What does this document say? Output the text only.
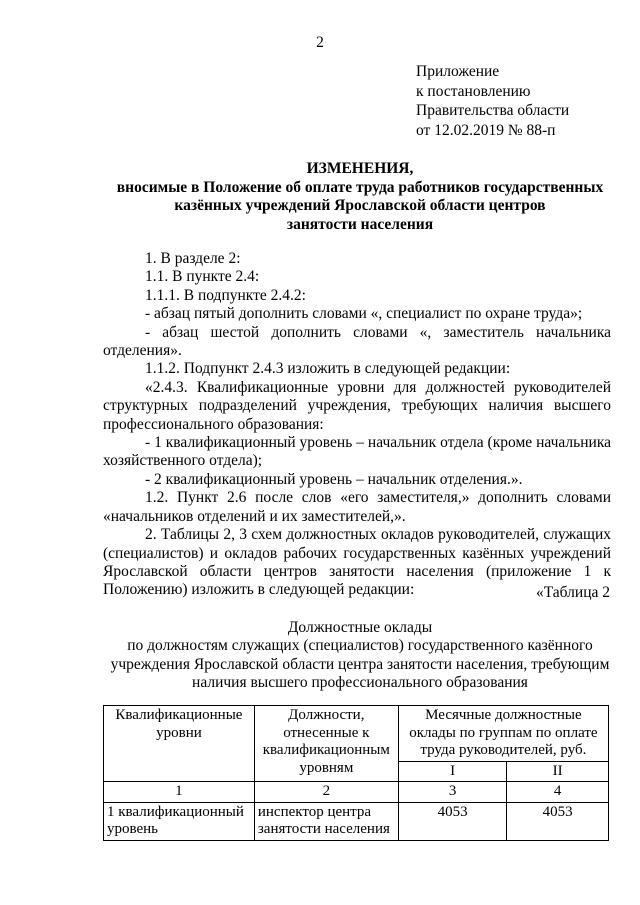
2
Приложение
к постановлению
Правительства области
от 12.02.2019 № 88-п
ИЗМЕНЕНИЯ,
вносимые в Положение об оплате труда работников государственных
казённых учреждений Ярославской области центров
занятости населения

1. В разделе 2:

1.1. В пункте 2.4:

1.1.1. В подпункте 2.4.2:

- абзац пятый дополнить словами «, специалист по охране труда»;

- абзац шестой дополнить словами «, заместитель начальника отделения».

1.1.2. Подпункт 2.4.3 изложить в следующей редакции:

«2.4.3. Квалификационные уровни для должностей руководителей структурных подразделений учреждения, требующих наличия высшего профессионального образования:

- 1 квалификационный уровень – начальник отдела (кроме начальника хозяйственного отдела);

- 2 квалификационный уровень – начальник отделения.».

1.2. Пункт 2.6 после слов «его заместителя,» дополнить словами «начальников отделений и их заместителей,».

2. Таблицы 2, 3 схем должностных окладов руководителей, служащих (специалистов) и окладов рабочих государственных казённых учреждений Ярославской области центров занятости населения (приложение 1 к Положению) изложить в следующей редакции:	«Таблица 2
Должностные оклады
по должностям служащих (специалистов) государственного казённого
учреждения Ярославской области центра занятости населения, требующим
наличия высшего профессионального образования
Квалификационные уровни	Должности, отнесенные к квалификационным уровням	Месячные должностные оклады по группам по оплате труда руководителей, руб.	
		I	II
1	2	3	4
1 квалификационный уровень	инспектор центра занятости населения	4053	4053
